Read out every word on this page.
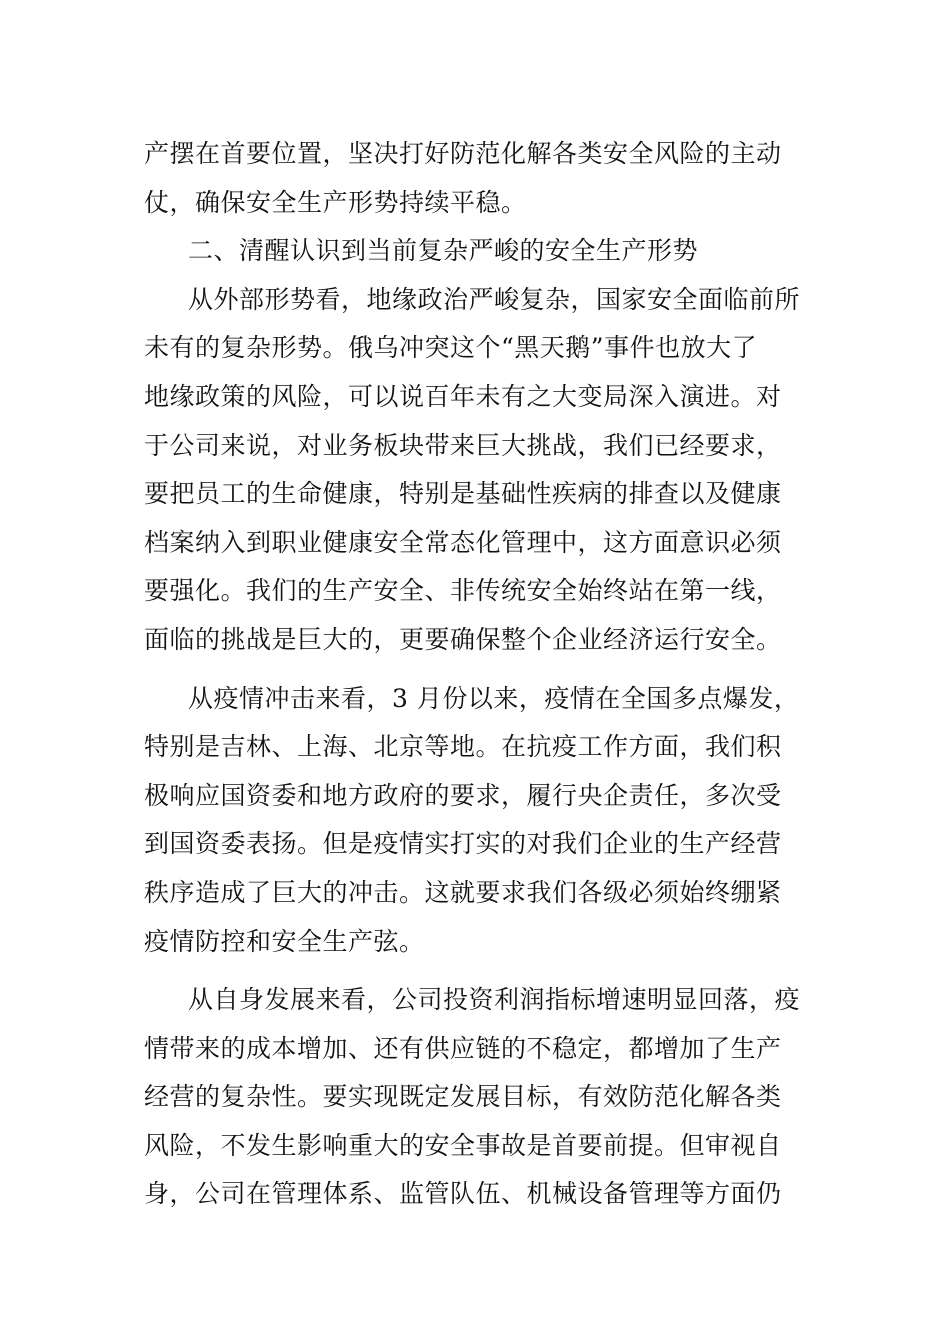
产摆在首要位置，坚决打好防范化解各类安全风险的主动
仗，确保安全生产形势持续平稳。
二、清醒认识到当前复杂严峻的安全生产形势
从外部形势看，地缘政治严峻复杂，国家安全面临前所
未有的复杂形势。俄乌冲突这个“黑天鹅”事件也放大了
地缘政策的风险，可以说百年未有之大变局深入演进。对
于公司来说，对业务板块带来巨大挑战，我们已经要求，
要把员工的生命健康，特别是基础性疾病的排查以及健康
档案纳入到职业健康安全常态化管理中，这方面意识必须
要强化。我们的生产安全、非传统安全始终站在第一线，
面临的挑战是巨大的，更要确保整个企业经济运行安全。
从疫情冲击来看，3 月份以来，疫情在全国多点爆发，
特别是吉林、上海、北京等地。在抗疫工作方面，我们积
极响应国资委和地方政府的要求，履行央企责任，多次受
到国资委表扬。但是疫情实打实的对我们企业的生产经营
秩序造成了巨大的冲击。这就要求我们各级必须始终绷紧
疫情防控和安全生产弦。
从自身发展来看，公司投资利润指标增速明显回落，疫
情带来的成本增加、还有供应链的不稳定，都增加了生产
经营的复杂性。要实现既定发展目标，有效防范化解各类
风险，不发生影响重大的安全事故是首要前提。但审视自
身，公司在管理体系、监管队伍、机械设备管理等方面仍
